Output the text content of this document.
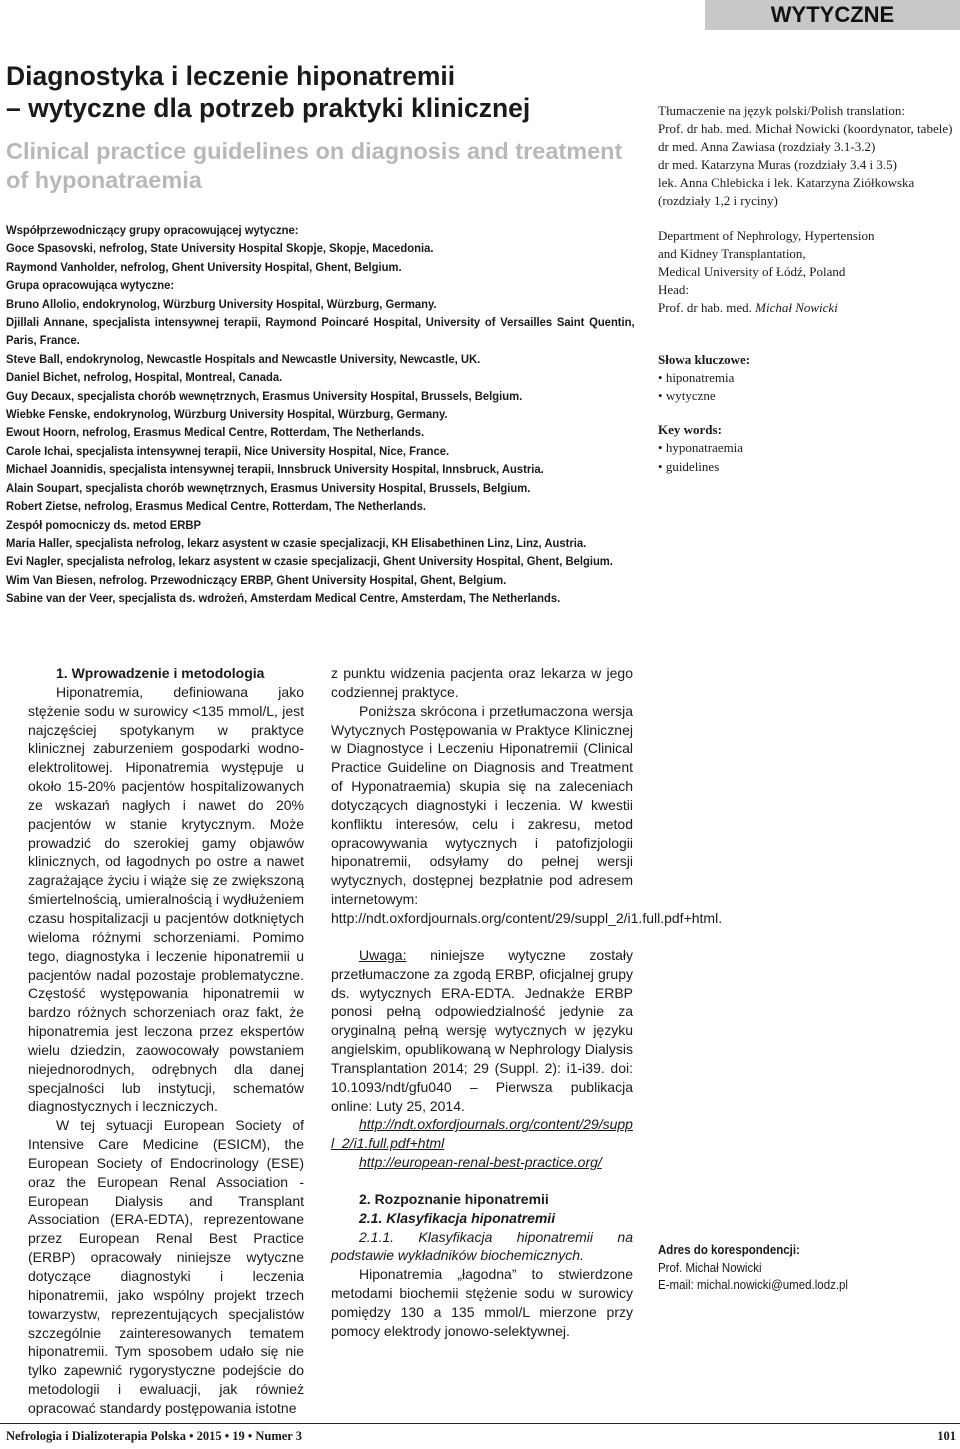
WYTYCZNE
Diagnostyka i leczenie hiponatremii
– wytyczne dla potrzeb praktyki klinicznej
Clinical practice guidelines on diagnosis and treatment of hyponatraemia

Współprzewodniczący grupy opracowującej wytyczne:

Goce Spasovski, nefrolog, State University Hospital Skopje, Skopje, Macedonia.

Raymond Vanholder, nefrolog, Ghent University Hospital, Ghent, Belgium.

Grupa opracowująca wytyczne:

Bruno Allolio, endokrynolog, Würzburg University Hospital, Würzburg, Germany.

Djillali Annane, specjalista intensywnej terapii, Raymond Poincaré Hospital, University of Versailles Saint Quentin, Paris, France.

Steve Ball, endokrynolog, Newcastle Hospitals and Newcastle University, Newcastle, UK.

Daniel Bichet, nefrolog, Hospital, Montreal, Canada.

Guy Decaux, specjalista chorób wewnętrznych, Erasmus University Hospital, Brussels, Belgium.

Wiebke Fenske, endokrynolog, Würzburg University Hospital, Würzburg, Germany.

Ewout Hoorn, nefrolog, Erasmus Medical Centre, Rotterdam, The Netherlands.

Carole Ichai, specjalista intensywnej terapii, Nice University Hospital, Nice, France.

Michael Joannidis, specjalista intensywnej terapii, Innsbruck University Hospital, Innsbruck, Austria.

Alain Soupart, specjalista chorób wewnętrznych, Erasmus University Hospital, Brussels, Belgium.

Robert Zietse, nefrolog, Erasmus Medical Centre, Rotterdam, The Netherlands.

Zespół pomocniczy ds. metod ERBP

Maria Haller, specjalista nefrolog, lekarz asystent w czasie specjalizacji, KH Elisabethinen Linz, Linz, Austria.

Evi Nagler, specjalista nefrolog, lekarz asystent w czasie specjalizacji, Ghent University Hospital, Ghent, Belgium.

Wim Van Biesen, nefrolog. Przewodniczący ERBP, Ghent University Hospital, Ghent, Belgium.

Sabine van der Veer, specjalista ds. wdrożeń, Amsterdam Medical Centre, Amsterdam, The Netherlands.

Tłumaczenie na język polski/Polish translation:

Prof. dr hab. med. Michał Nowicki (koordynator, tabele)

dr med. Anna Zawiasa (rozdziały 3.1-3.2)

dr med. Katarzyna Muras (rozdziały 3.4 i 3.5)

lek. Anna Chlebicka i lek. Katarzyna Ziółkowska (rozdziały 1,2 i ryciny)

Department of Nephrology, Hypertension

and Kidney Transplantation,

Medical University of Łódź, Poland

Head:

Prof. dr hab. med. Michał Nowicki

Słowa kluczowe:

• hiponatremia

• wytyczne

Key words:

• hyponatraemia

• guidelines

Adres do korespondencji:

Prof. Michał Nowicki

E-mail: michal.nowicki@umed.lodz.pl

1. Wprowadzenie i metodologia

Hiponatremia, definiowana jako stężenie sodu w surowicy <135 mmol/L, jest najczęściej spotykanym w praktyce klinicznej zaburzeniem gospodarki wodno-elektrolitowej. Hiponatremia występuje u około 15-20% pacjentów hospitalizowanych ze wskazań nagłych i nawet do 20% pacjentów w stanie krytycznym. Może prowadzić do szerokiej gamy objawów klinicznych, od łagodnych po ostre a nawet zagrażające życiu i wiąże się ze zwiększoną śmiertelnością, umieralnością i wydłużeniem czasu hospitalizacji u pacjentów dotkniętych wieloma różnymi schorzeniami. Pomimo tego, diagnostyka i leczenie hiponatremii u pacjentów nadal pozostaje problematyczne. Częstość występowania hiponatremii w bardzo różnych schorzeniach oraz fakt, że hiponatremia jest leczona przez ekspertów wielu dziedzin, zaowocowały powstaniem niejednorodnych, odrębnych dla danej specjalności lub instytucji, schematów diagnostycznych i leczniczych.

W tej sytuacji European Society of Intensive Care Medicine (ESICM), the European Society of Endocrinology (ESE) oraz the European Renal Association - European Dialysis and Transplant Association (ERA-EDTA), reprezentowane przez European Renal Best Practice (ERBP) opracowały niniejsze wytyczne dotyczące diagnostyki i leczenia hiponatremii, jako wspólny projekt trzech towarzystw, reprezentujących specjalistów szczególnie zainteresowanych tematem hiponatremii. Tym sposobem udało się nie tylko zapewnić rygorystyczne podejście do metodologii i ewaluacji, jak również opracować standardy postępowania istotne

z punktu widzenia pacjenta oraz lekarza w jego codziennej praktyce.

Poniższa skrócona i przetłumaczona wersja Wytycznych Postępowania w Praktyce Klinicznej w Diagnostyce i Leczeniu Hiponatremii (Clinical Practice Guideline on Diagnosis and Treatment of Hyponatraemia) skupia się na zaleceniach dotyczących diagnostyki i leczenia. W kwestii konfliktu interesów, celu i zakresu, metod opracowywania wytycznych i patofizjologii hiponatremii, odsyłamy do pełnej wersji wytycznych, dostępnej bezpłatnie pod adresem internetowym: http://ndt.oxfordjournals.org/content/29/suppl_2/i1.full.pdf+html.

Uwaga: niniejsze wytyczne zostały przetłumaczone za zgodą ERBP, oficjalnej grupy ds. wytycznych ERA-EDTA. Jednakże ERBP ponosi pełną odpowiedzialność jedynie za oryginalną pełną wersję wytycznych w języku angielskim, opublikowaną w Nephrology Dialysis Transplantation 2014; 29 (Suppl. 2): i1-i39. doi: 10.1093/ndt/gfu040 – Pierwsza publikacja online: Luty 25, 2014.

http://ndt.oxfordjournals.org/content/29/suppl_2/i1.full.pdf+html

http://european-renal-best-practice.org/

2. Rozpoznanie hiponatremii

2.1. Klasyfikacja hiponatremii

2.1.1. Klasyfikacja hiponatremii na podstawie wykładników biochemicznych.

Hiponatremia „łagodna” to stwierdzone metodami biochemii stężenie sodu w surowicy pomiędzy 130 a 135 mmol/L mierzone przy pomocy elektrody jonowo-selektywnej.

Nefrologia i Dializoterapia Polska • 2015 • 19 • Numer 3	101
